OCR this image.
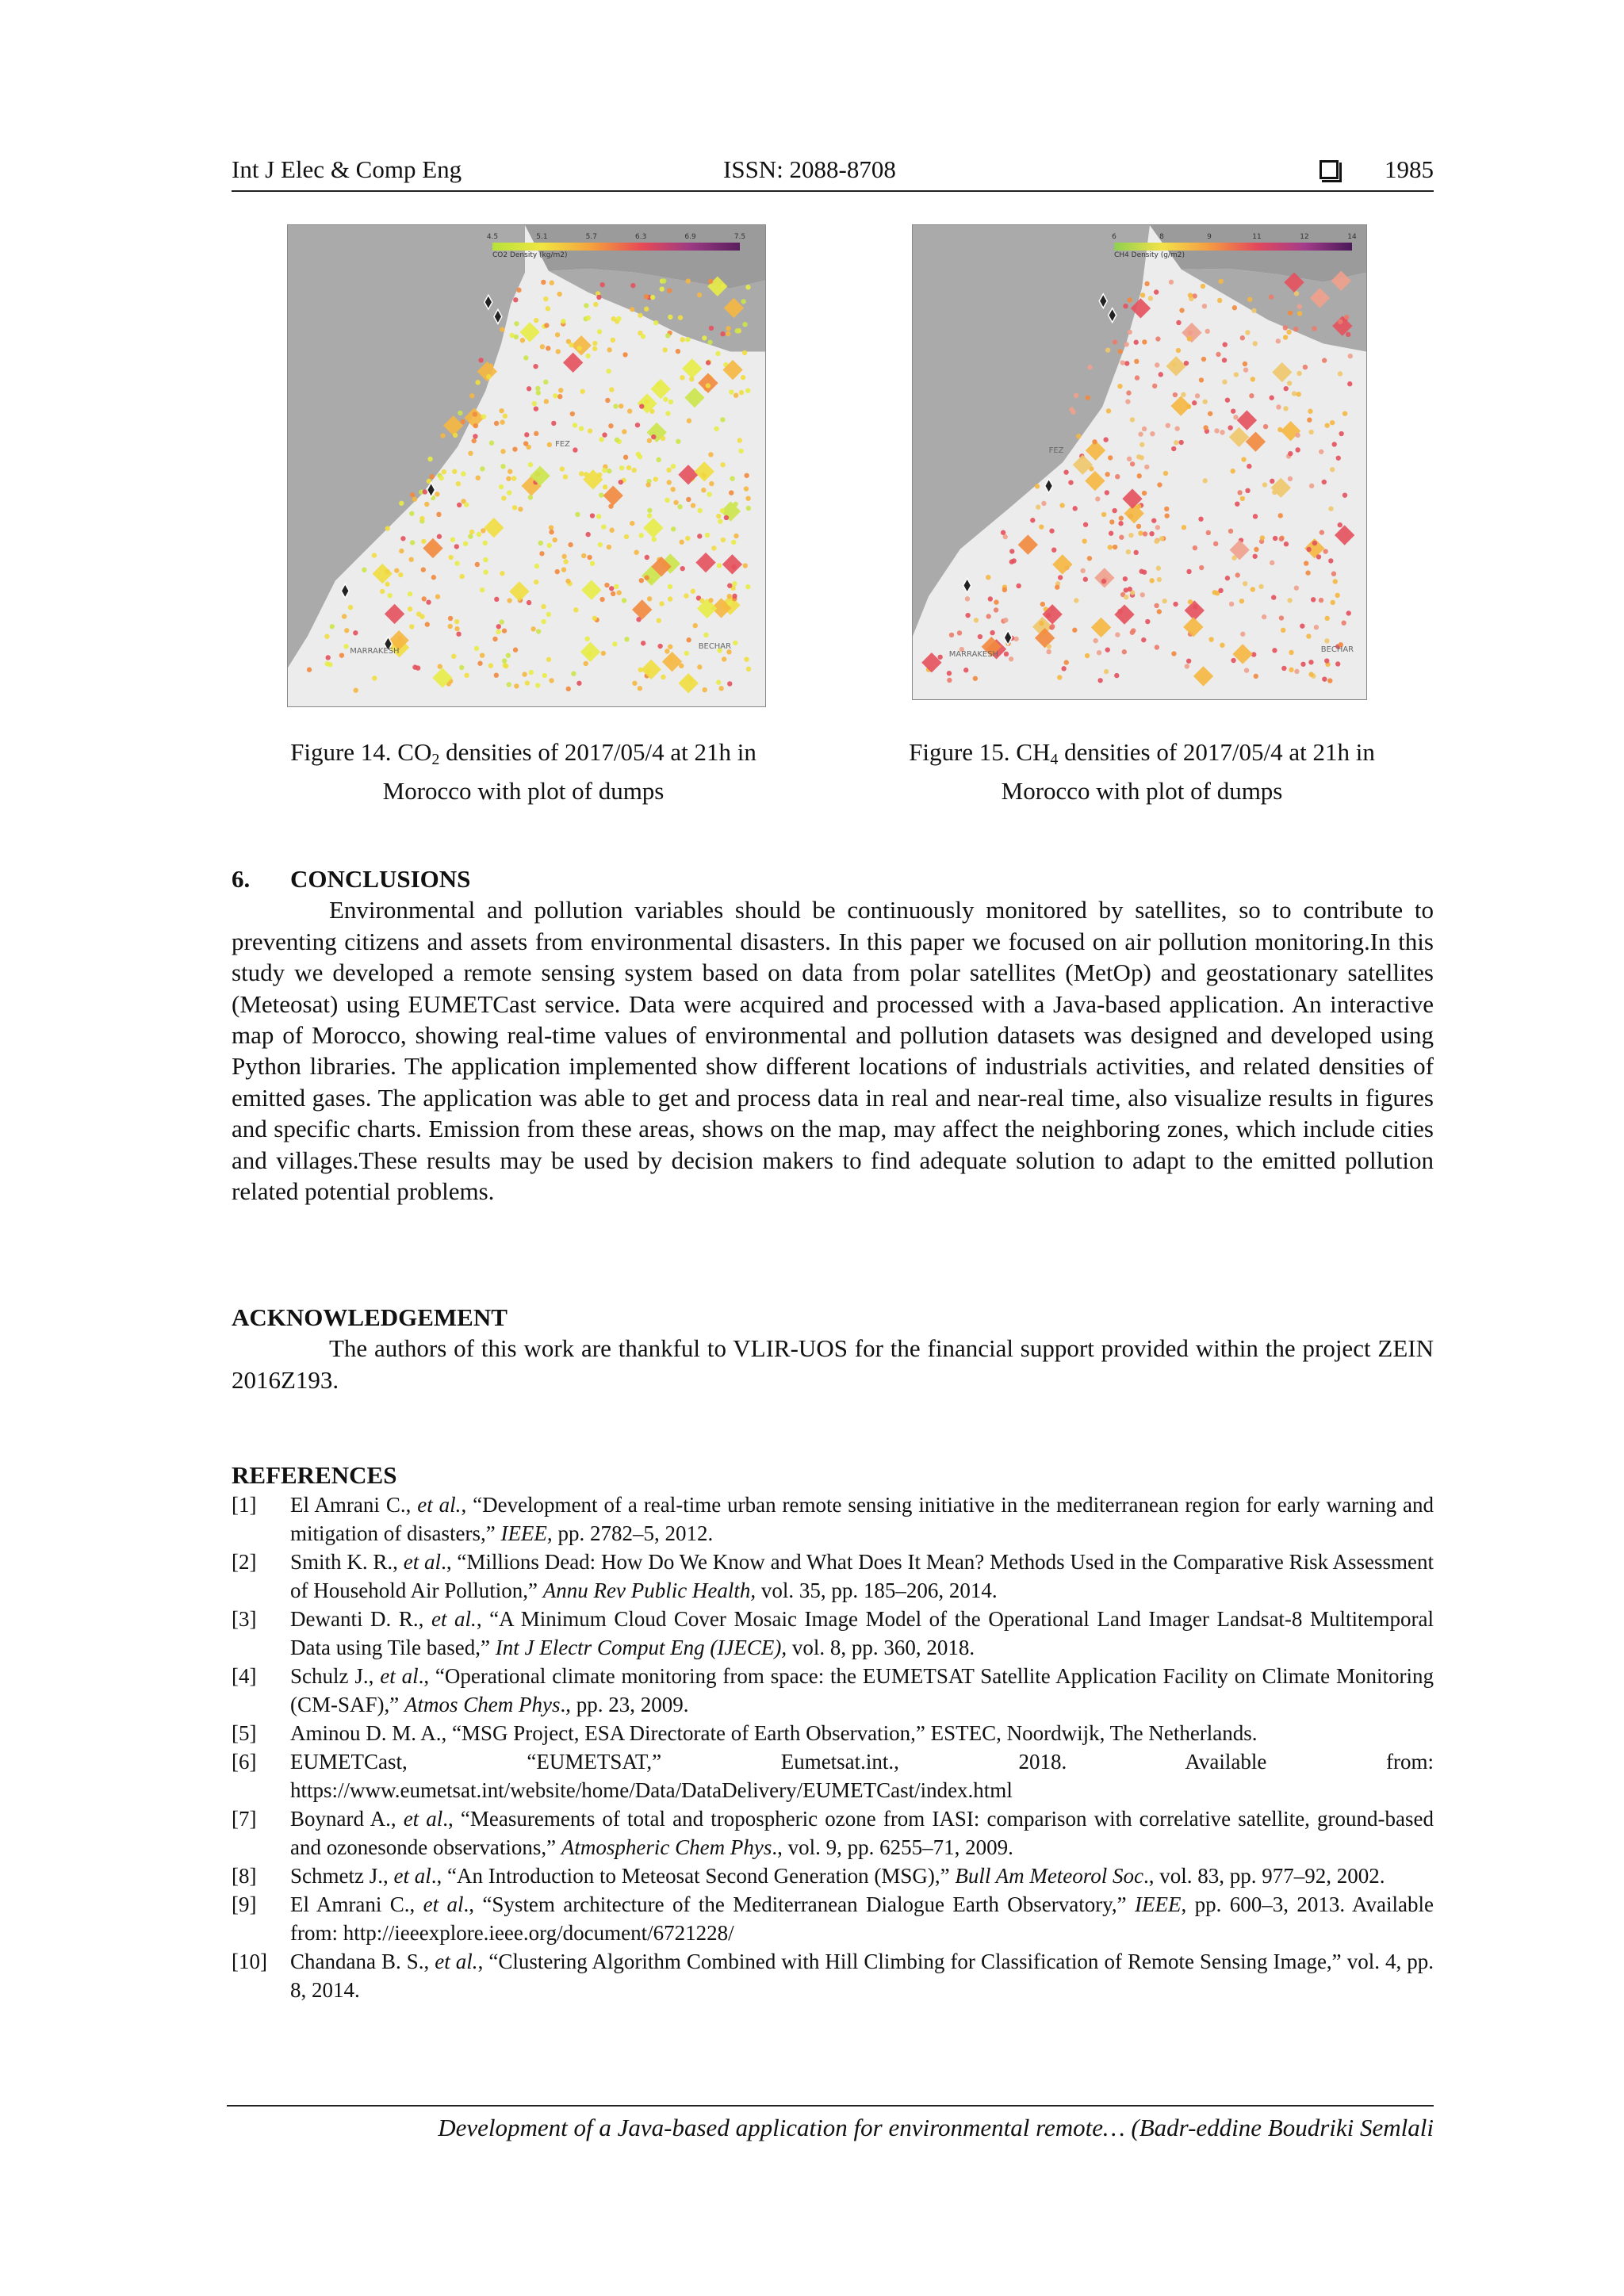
Int J Elec & Comp Eng	ISSN: 2088-8708	1985
FEZ
MARRAKESH
BECHAR
4.5	5.1	5.7	6.3	6.9	7.5
CO2 Density (kg/m2)
FEZ
MARRAKESH
BECHAR
6	8	9	11	12	14
CH4 Density (g/m2)
Figure 14. $CO_2$ densities of 2017/05/4 at 21h in
Morocco with plot of dumps
Figure 15. $CH_4$ densities of 2017/05/4 at 21h in
Morocco with plot of dumps
6. CONCLUSIONS

Environmental and pollution variables should be continuously monitored by satellites, so to contribute to preventing citizens and assets from environmental disasters. In this paper we focused on air pollution monitoring.In this study we developed a remote sensing system based on data from polar satellites (MetOp) and geostationary satellites (Meteosat) using EUMETCast service. Data were acquired and processed with a Java-based application. An interactive map of Morocco, showing real-time values of environmental and pollution datasets was designed and developed using Python libraries. The application implemented show different locations of industrials activities, and related densities of emitted gases. The application was able to get and process data in real and near-real time, also visualize results in figures and specific charts. Emission from these areas, shows on the map, may affect the neighboring zones, which include cities and villages.These results may be used by decision makers to find adequate solution to adapt to the emitted pollution related potential problems.

ACKNOWLEDGEMENT

The authors of this work are thankful to VLIR-UOS for the financial support provided within the project ZEIN 2016Z193.

REFERENCES
[1] El Amrani C., et al., “Development of a real-time urban remote sensing initiative in the mediterranean region for early warning and mitigation of disasters,” IEEE, pp. 2782–5, 2012.
[2] Smith K. R., et al., “Millions Dead: How Do We Know and What Does It Mean? Methods Used in the Comparative Risk Assessment of Household Air Pollution,” Annu Rev Public Health, vol. 35, pp. 185–206, 2014.
[3] Dewanti D. R., et al., “A Minimum Cloud Cover Mosaic Image Model of the Operational Land Imager Landsat-8 Multitemporal Data using Tile based,” Int J Electr Comput Eng (IJECE), vol. 8, pp. 360, 2018.
[4] Schulz J., et al., “Operational climate monitoring from space: the EUMETSAT Satellite Application Facility on Climate Monitoring (CM-SAF),” Atmos Chem Phys., pp. 23, 2009.
[5] Aminou D. M. A., “MSG Project, ESA Directorate of Earth Observation,” ESTEC, Noordwijk, The Netherlands.
[6] EUMETCast, “EUMETSAT,” Eumetsat.int., 2018. Available from: https://www.eumetsat.int/website/home/Data/DataDelivery/EUMETCast/index.html
[7] Boynard A., et al., “Measurements of total and tropospheric ozone from IASI: comparison with correlative satellite, ground-based and ozonesonde observations,” Atmospheric Chem Phys., vol. 9, pp. 6255–71, 2009.
[8] Schmetz J., et al., “An Introduction to Meteosat Second Generation (MSG),” Bull Am Meteorol Soc., vol. 83, pp. 977–92, 2002.
[9] El Amrani C., et al., “System architecture of the Mediterranean Dialogue Earth Observatory,” IEEE, pp. 600–3, 2013. Available from: http://ieeexplore.ieee.org/document/6721228/
[10] Chandana B. S., et al., “Clustering Algorithm Combined with Hill Climbing for Classification of Remote Sensing Image,” vol. 4, pp. 8, 2014.
Development of a Java-based application for environmental remote… (Badr-eddine Boudriki Semlali
